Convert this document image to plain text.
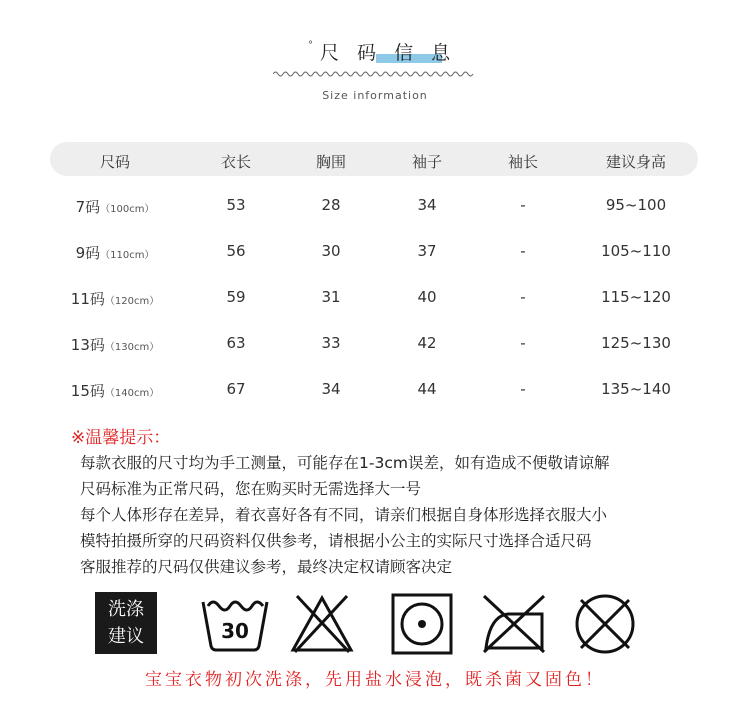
° 尺 码 信 息
Size information
尺码	衣长	胸围	袖子	袖长	建议身高
7码（100cm）	53	28	34	-	95~100
9码（110cm）	56	30	37	-	105~110
11码（120cm）	59	31	40	-	115~120
13码（130cm）	63	33	42	-	125~130
15码（140cm）	67	34	44	-	135~140
※温馨提示：
每款衣服的尺寸均为手工测量，可能存在1-3cm误差，如有造成不便敬请谅解
尺码标准为正常尺码，您在购买时无需选择大一号
每个人体形存在差异，着衣喜好各有不同，请亲们根据自身体形选择衣服大小
模特拍摄所穿的尺码资料仅供参考，请根据小公主的实际尺寸选择合适尺码
客服推荐的尺码仅供建议参考，最终决定权请顾客决定
洗涤
建议	30
宝宝衣物初次洗涤，先用盐水浸泡，既杀菌又固色！
